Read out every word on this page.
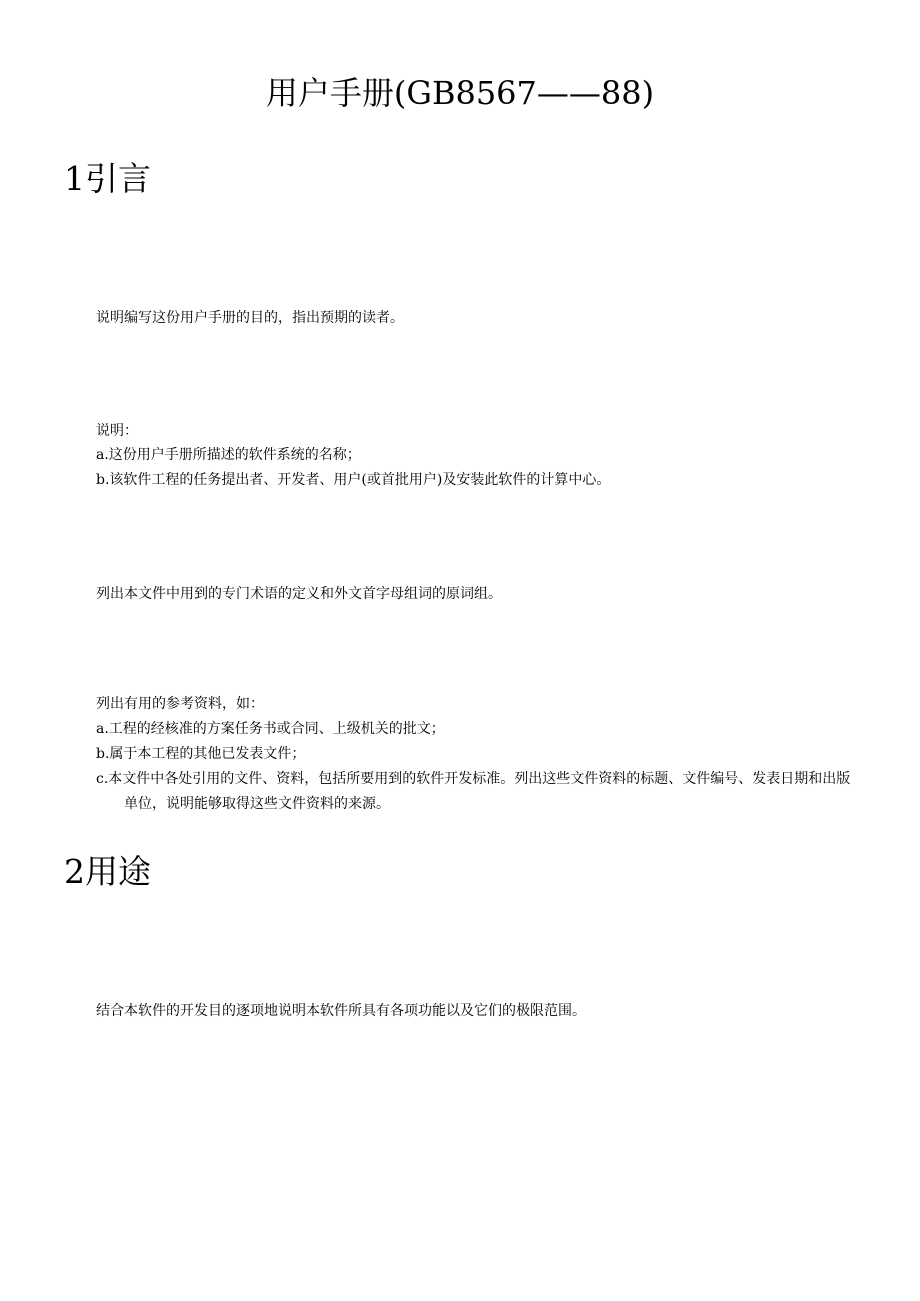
用户手册(GB8567——88)
1引言

说明编写这份用户手册的目的，指出预期的读者。

说明：

a.这份用户手册所描述的软件系统的名称；

b.该软件工程的任务提出者、开发者、用户(或首批用户)及安装此软件的计算中心。

列出本文件中用到的专门术语的定义和外文首字母组词的原词组。

列出有用的参考资料，如：

a.工程的经核准的方案任务书或合同、上级机关的批文；

b.属于本工程的其他已发表文件；

c.本文件中各处引用的文件、资料，包括所要用到的软件开发标准。列出这些文件资料的标题、文件编号、发表日期和出版单位，说明能够取得这些文件资料的来源。
2用途

结合本软件的开发目的逐项地说明本软件所具有各项功能以及它们的极限范围。
